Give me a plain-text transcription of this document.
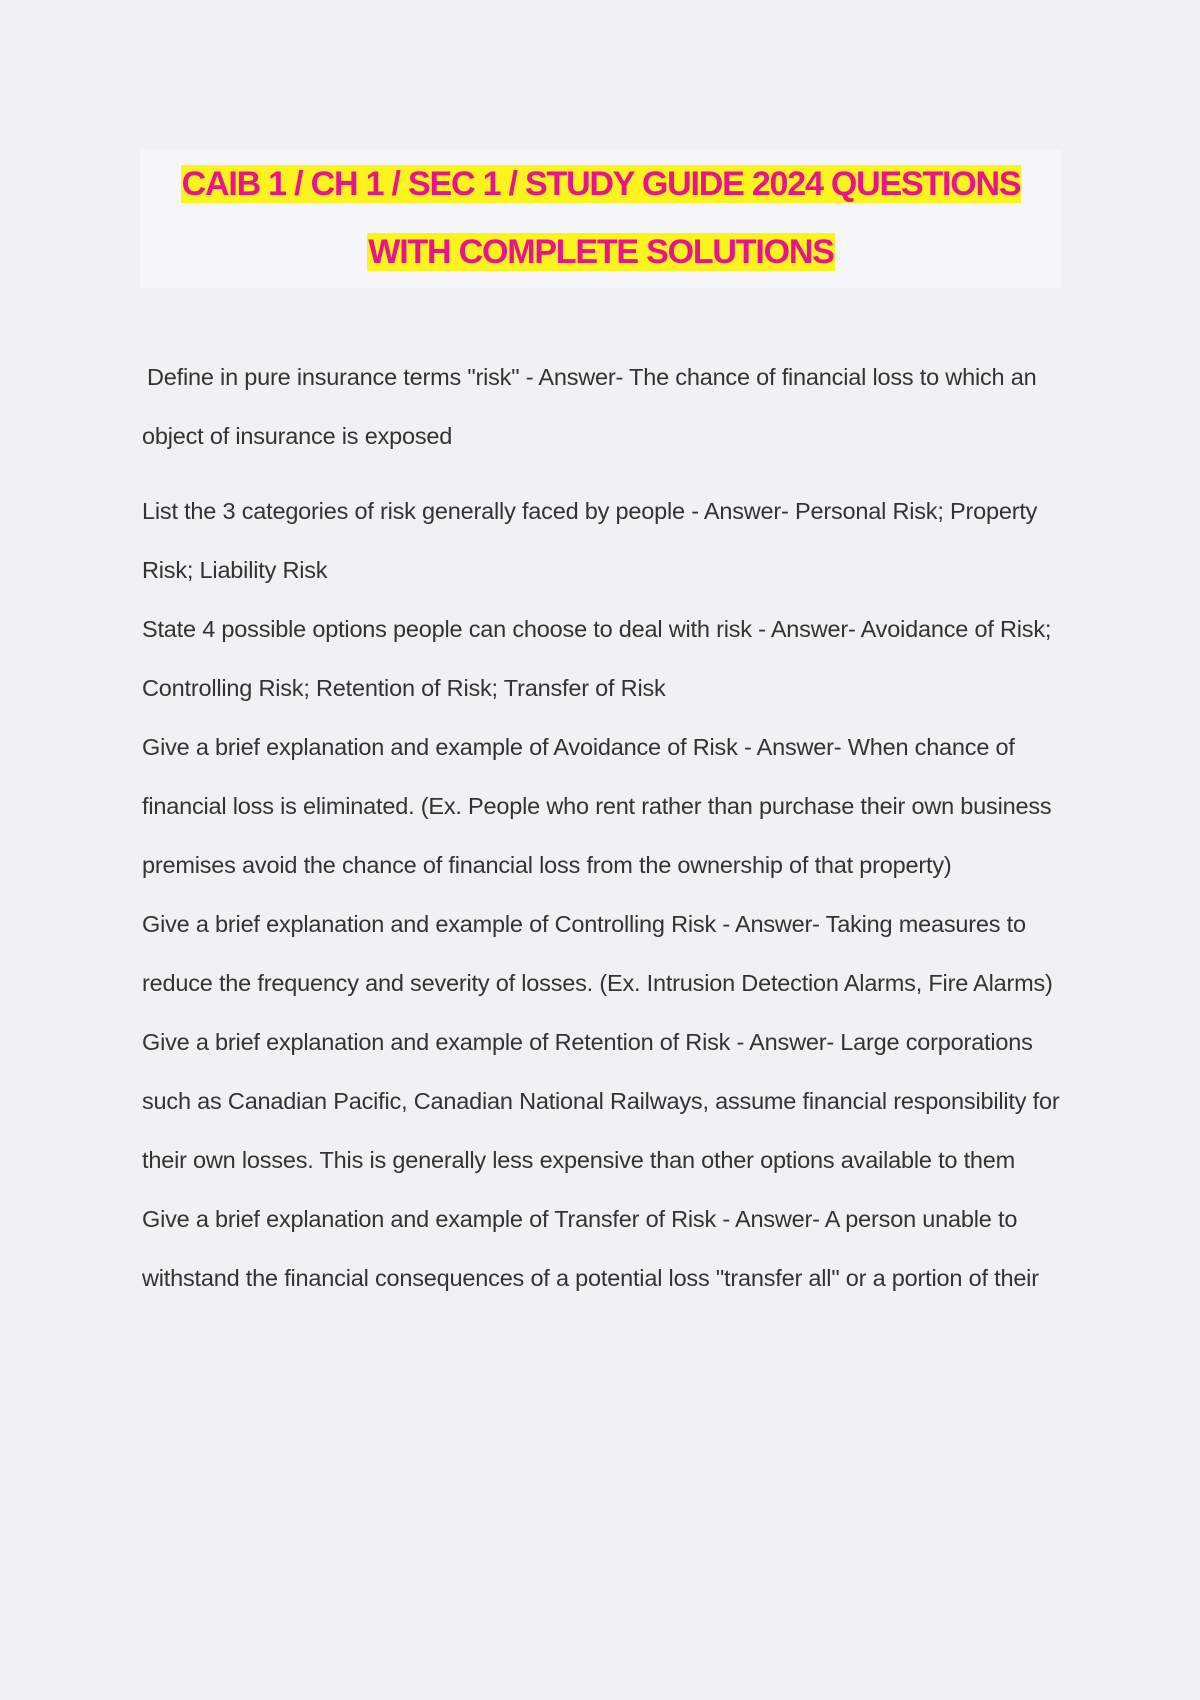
CAIB 1 / CH 1 / SEC 1 / STUDY GUIDE 2024 QUESTIONS
WITH COMPLETE SOLUTIONS

Define in pure insurance terms "risk" - Answer- The chance of financial loss to which an object of insurance is exposed

List the 3 categories of risk generally faced by people - Answer- Personal Risk; Property Risk; Liability Risk

State 4 possible options people can choose to deal with risk - Answer- Avoidance of Risk; Controlling Risk; Retention of Risk; Transfer of Risk

Give a brief explanation and example of Avoidance of Risk - Answer- When chance of financial loss is eliminated. (Ex. People who rent rather than purchase their own business premises avoid the chance of financial loss from the ownership of that property)

Give a brief explanation and example of Controlling Risk - Answer- Taking measures to reduce the frequency and severity of losses. (Ex. Intrusion Detection Alarms, Fire Alarms)

Give a brief explanation and example of Retention of Risk - Answer- Large corporations such as Canadian Pacific, Canadian National Railways, assume financial responsibility for their own losses. This is generally less expensive than other options available to them

Give a brief explanation and example of Transfer of Risk - Answer- A person unable to withstand the financial consequences of a potential loss "transfer all" or a portion of their
